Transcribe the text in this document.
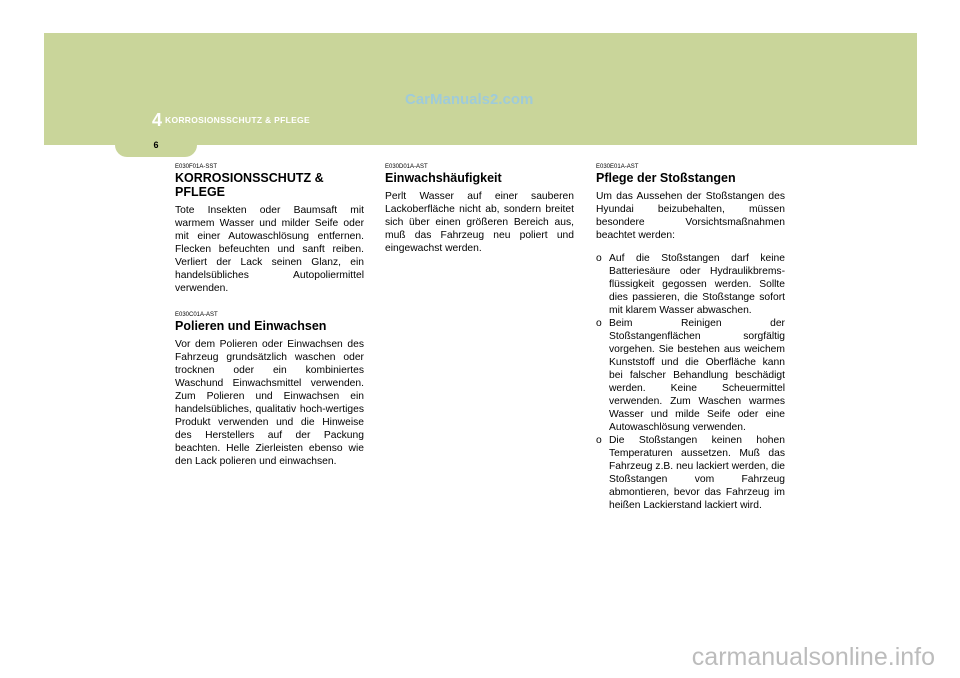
4 KORROSIONSSCHUTZ & PFLEGE
CarManuals2.com
6

E030F01A-SST

KORROSIONSSCHUTZ & PFLEGE

Tote Insekten oder Baumsaft mit warmem Wasser und milder Seife oder mit einer Autowaschlösung entfernen. Flecken befeuchten und sanft reiben. Verliert der Lack seinen Glanz, ein handelsübliches Autopoliermittel verwenden.

E030C01A-AST

Polieren und Einwachsen

Vor dem Polieren oder Einwachsen des Fahrzeug grundsätzlich waschen oder trocknen oder ein kombiniertes Waschund Einwachsmittel verwenden. Zum Polieren und Einwachsen ein handelsübliches, qualitativ hoch-wertiges Produkt verwenden und die Hinweise des Herstellers auf der Packung beachten. Helle Zierleisten ebenso wie den Lack polieren und einwachsen.

E030D01A-AST

Einwachshäufigkeit

Perlt Wasser auf einer sauberen Lackoberfläche nicht ab, sondern breitet sich über einen größeren Bereich aus, muß das Fahrzeug neu poliert und eingewachst werden.

E030E01A-AST

Pflege der Stoßstangen

Um das Aussehen der Stoßstangen des Hyundai beizubehalten, müssen besondere Vorsichtsmaßnahmen beachtet werden:

o Auf die Stoßstangen darf keine Batteriesäure oder Hydraulikbrems-flüssigkeit gegossen werden. Sollte dies passieren, die Stoßstange sofort mit klarem Wasser abwaschen.
o Beim Reinigen der Stoßstangenflächen sorgfältig vorgehen. Sie bestehen aus weichem Kunststoff und die Oberfläche kann bei falscher Behandlung beschädigt werden. Keine Scheuermittel verwenden. Zum Waschen warmes Wasser und milde Seife oder eine Autowaschlösung verwenden.
o Die Stoßstangen keinen hohen Temperaturen aussetzen. Muß das Fahrzeug z.B. neu lackiert werden, die Stoßstangen vom Fahrzeug abmontieren, bevor das Fahrzeug im heißen Lackierstand lackiert wird.
carmanualsonline.info
